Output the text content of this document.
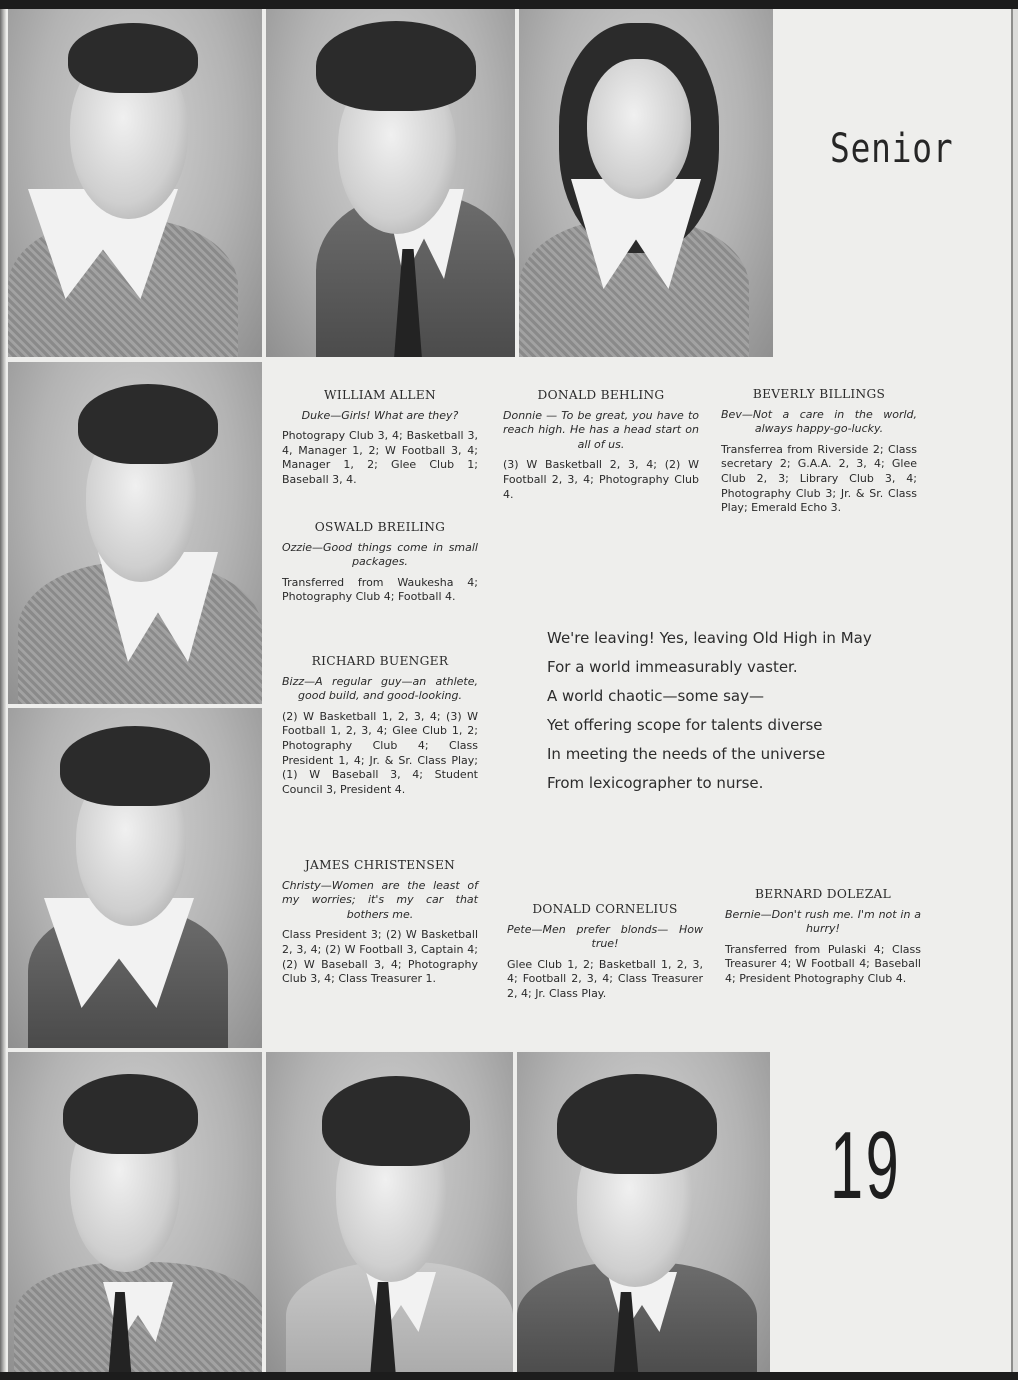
Senior
19
WILLIAM ALLEN
Duke—Girls! What are they?
Photograpy Club 3, 4; Basketball 3, 4, Manager 1, 2; W Football 3, 4; Manager 1, 2; Glee Club 1; Baseball 3, 4.
DONALD BEHLING
Donnie — To be great, you have to reach high. He has a head start on all of us.
(3) W Basketball 2, 3, 4; (2) W Football 2, 3, 4; Photography Club 4.
BEVERLY BILLINGS
Bev—Not a care in the world, always happy-go-lucky.
Transferrea from Riverside 2; Class secretary 2; G.A.A. 2, 3, 4; Glee Club 2, 3; Library Club 3, 4; Photography Club 3; Jr. & Sr. Class Play; Emerald Echo 3.
OSWALD BREILING
Ozzie—Good things come in small packages.
Transferred from Waukesha 4; Photography Club 4; Football 4.
RICHARD BUENGER
Bizz—A regular guy—an athlete, good build, and good-looking.
(2) W Basketball 1, 2, 3, 4; (3) W Football 1, 2, 3, 4; Glee Club 1, 2; Photography Club 4; Class President 1, 4; Jr. & Sr. Class Play; (1) W Baseball 3, 4; Student Council 3, President 4.
JAMES CHRISTENSEN
Christy—Women are the least of my worries; it's my car that bothers me.
Class President 3; (2) W Basketball 2, 3, 4; (2) W Football 3, Captain 4; (2) W Baseball 3, 4; Photography Club 3, 4; Class Treasurer 1.
DONALD CORNELIUS
Pete—Men prefer blonds— How true!
Glee Club 1, 2; Basketball 1, 2, 3, 4; Football 2, 3, 4; Class Treasurer 2, 4; Jr. Class Play.
BERNARD DOLEZAL
Bernie—Don't rush me. I'm not in a hurry!
Transferred from Pulaski 4; Class Treasurer 4; W Football 4; Baseball 4; President Photography Club 4.
We're leaving! Yes, leaving Old High in May
For a world immeasurably vaster.
A world chaotic—some say—
Yet offering scope for talents diverse
In meeting the needs of the universe
From lexicographer to nurse.
